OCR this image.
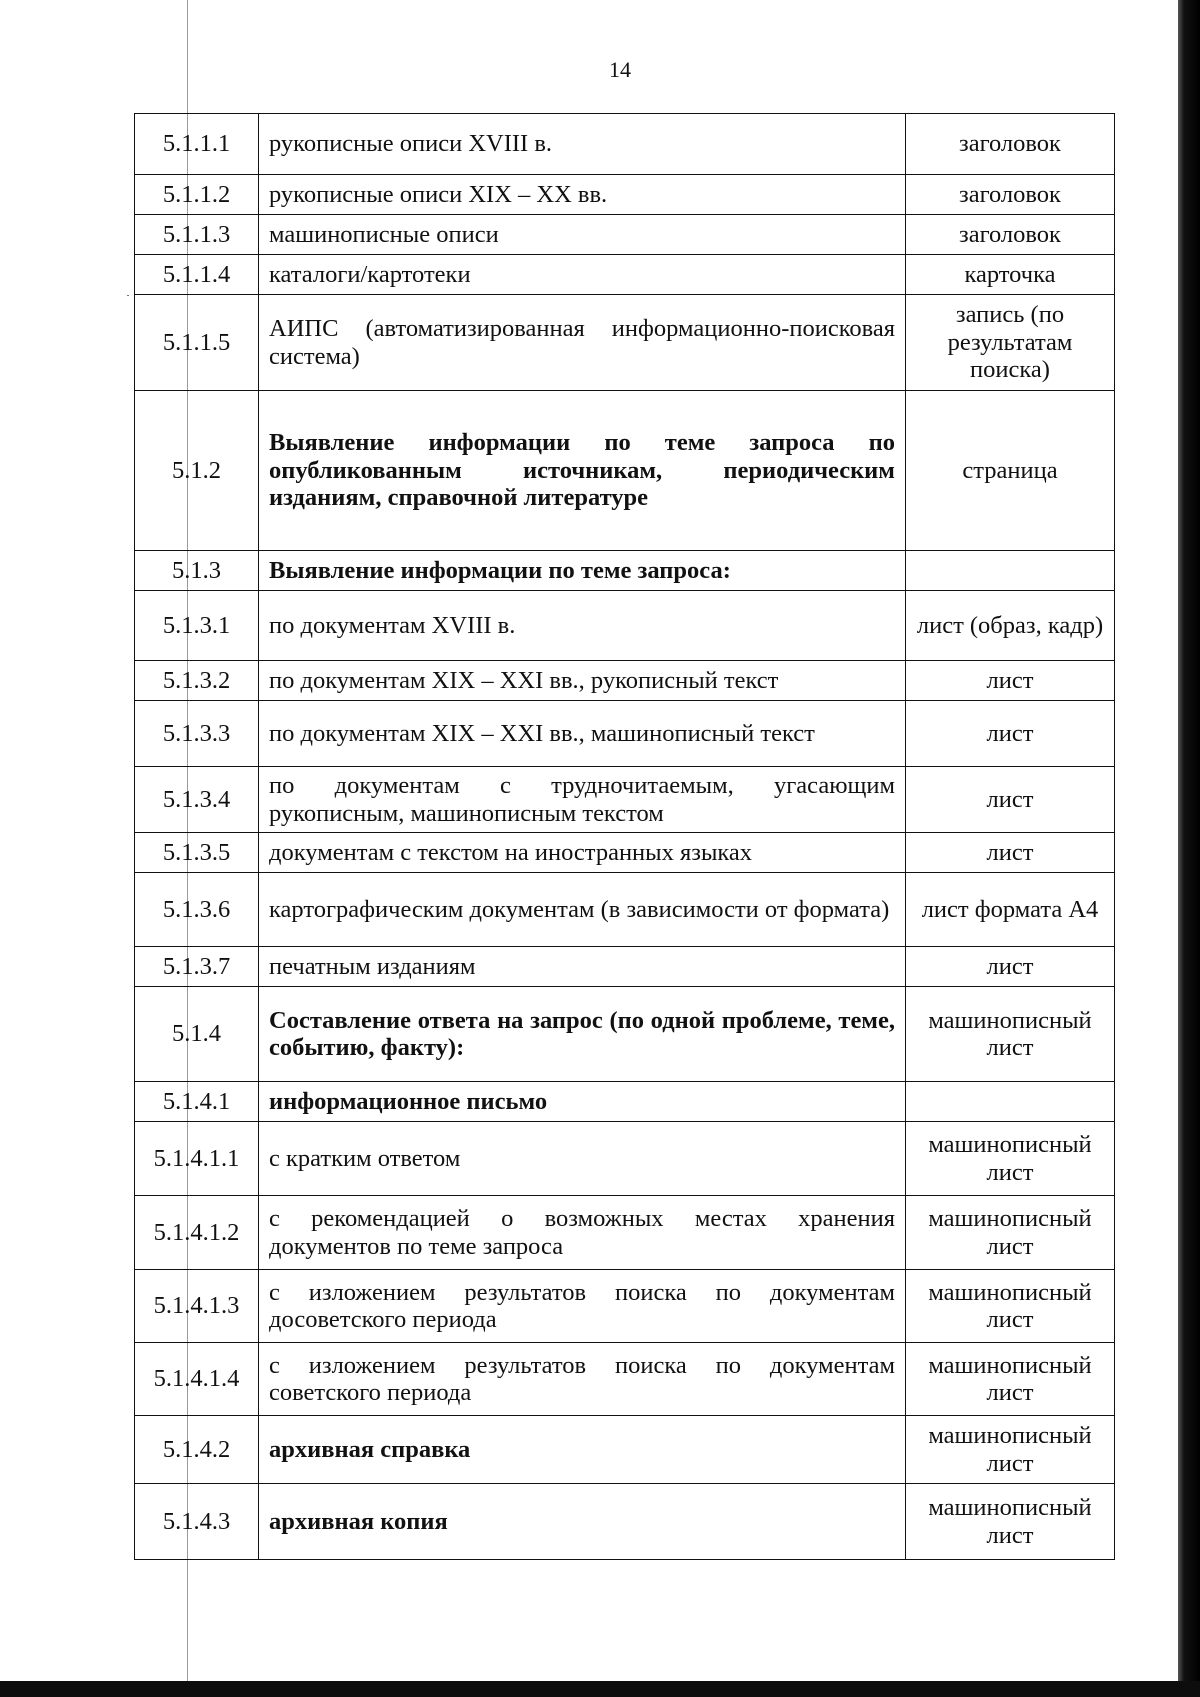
14
5.1.1.1	рукописные описи XVIII в.	заголовок
5.1.1.2	рукописные описи XIX – XX вв.	заголовок
5.1.1.3	машинописные описи	заголовок
5.1.1.4	каталоги/картотеки	карточка
5.1.1.5	АИПС (автоматизированная информационно-поисковая система)	запись (по результатам поиска)
5.1.2	Выявление информации по теме запроса по опубликованным источникам, периодическим изданиям, справочной литературе	страница
5.1.3	Выявление информации по теме запроса:	
5.1.3.1	по документам XVIII в.	лист (образ, кадр)
5.1.3.2	по документам XIX – XXI вв., рукописный текст	лист
5.1.3.3	по документам XIX – XXI вв., машинописный текст	лист
5.1.3.4	по документам с трудночитаемым, угасающим рукописным, машинописным текстом	лист
5.1.3.5	документам с текстом на иностранных языках	лист
5.1.3.6	картографическим документам (в зависимости от формата)	лист формата А4
5.1.3.7	печатным изданиям	лист
5.1.4	Составление ответа на запрос (по одной проблеме, теме, событию, факту):	машинописный лист
5.1.4.1	информационное письмо	
5.1.4.1.1	с кратким ответом	машинописный лист
5.1.4.1.2	с рекомендацией о возможных местах хранения документов по теме запроса	машинописный лист
5.1.4.1.3	с изложением результатов поиска по документам досоветского периода	машинописный лист
5.1.4.1.4	с изложением результатов поиска по документам советского периода	машинописный лист
5.1.4.2	архивная справка	машинописный лист
5.1.4.3	архивная копия	машинописный лист
